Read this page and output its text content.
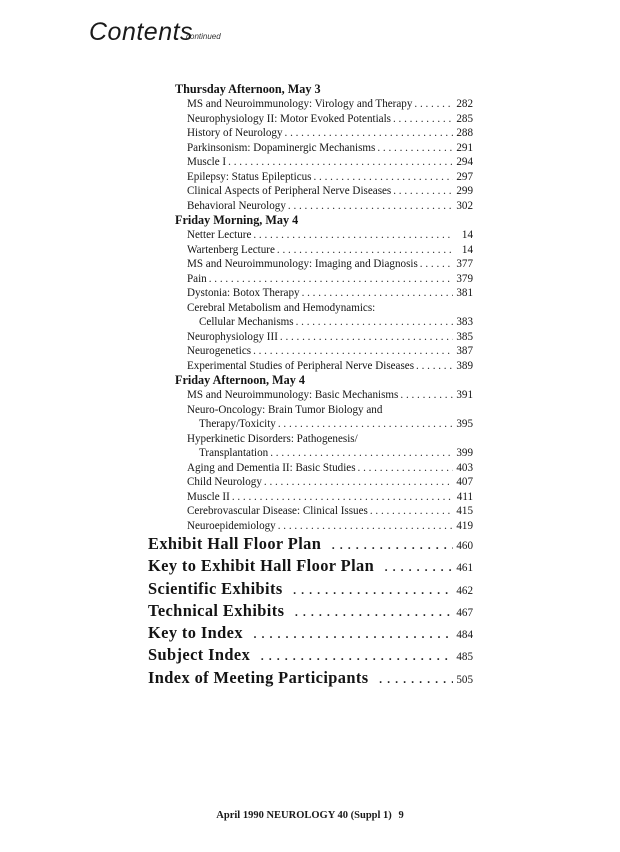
Contents
continued
Thursday Afternoon, May 3
MS and Neuroimmunology: Virology and Therapy . . .	282
Neurophysiology II: Motor Evoked Potentials . . .	285
History of Neurology . . .	288
Parkinsonism: Dopaminergic Mechanisms . . .	291
Muscle I . . .	294
Epilepsy: Status Epilepticus . . .	297
Clinical Aspects of Peripheral Nerve Diseases . . .	299
Behavioral Neurology . . .	302
Friday Morning, May 4
Netter Lecture . . .	14
Wartenberg Lecture . . .	14
MS and Neuroimmunology: Imaging and Diagnosis . . .	377
Pain . . .	379
Dystonia: Botox Therapy . . .	381
Cerebral Metabolism and Hemodynamics:
Cellular Mechanisms . . .	383
Neurophysiology III . . .	385
Neurogenetics . . .	387
Experimental Studies of Peripheral Nerve Diseases . . .	389
Friday Afternoon, May 4
MS and Neuroimmunology: Basic Mechanisms . . .	391
Neuro-Oncology: Brain Tumor Biology and
Therapy/Toxicity . . .	395
Hyperkinetic Disorders: Pathogenesis/
Transplantation . . .	399
Aging and Dementia II: Basic Studies . . .	403
Child Neurology . . .	407
Muscle II . . .	411
Cerebrovascular Disease: Clinical Issues . . .	415
Neuroepidemiology . . .	419
Exhibit Hall Floor Plan . . .	460
Key to Exhibit Hall Floor Plan . . .	461
Scientific Exhibits . . .	462
Technical Exhibits . . .	467
Key to Index . . .	484
Subject Index . . .	485
Index of Meeting Participants . . .	505
April 1990 NEUROLOGY 40 (Suppl 1) 9
